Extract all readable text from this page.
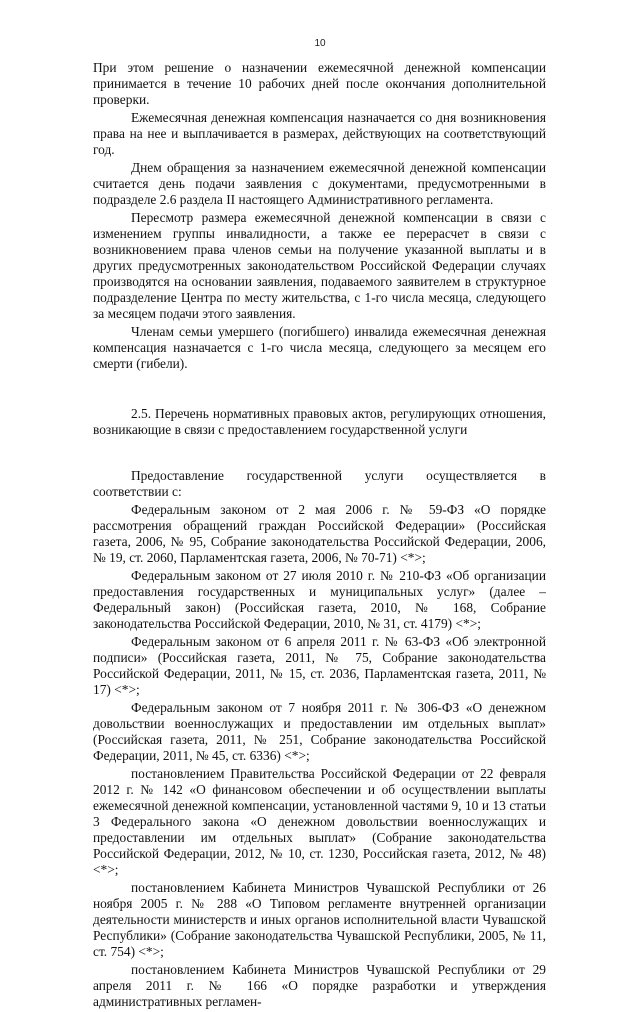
10

При этом решение о назначении ежемесячной денежной компенсации принимается в течение 10 рабочих дней после окончания дополнительной проверки.

Ежемесячная денежная компенсация назначается со дня возникновения права на нее и выплачивается в размерах, действующих на соответствующий год.

Днем обращения за назначением ежемесячной денежной компенсации считается день подачи заявления с документами, предусмотренными в подразделе 2.6 раздела II настоящего Административного регламента.

Пересмотр размера ежемесячной денежной компенсации в связи с изменением группы инвалидности, а также ее перерасчет в связи с возникновением права членов семьи на получение указанной выплаты и в других предусмотренных законодательством Российской Федерации случаях производятся на основании заявления, подаваемого заявителем в структурное подразделение Центра по месту жительства, с 1-го числа месяца, следующего за месяцем подачи этого заявления.

Членам семьи умершего (погибшего) инвалида ежемесячная денежная компенсация назначается с 1-го числа месяца, следующего за месяцем его смерти (гибели).

2.5. Перечень нормативных правовых актов, регулирующих отношения, возникающие в связи с предоставлением государственной услуги

Предоставление государственной услуги осуществляется в соответствии с:

Федеральным законом от 2 мая 2006 г. № 59-ФЗ «О порядке рассмотрения обращений граждан Российской Федерации» (Российская газета, 2006, № 95, Собрание законодательства Российской Федерации, 2006, № 19, ст. 2060, Парламентская газета, 2006, № 70-71) <*>;

Федеральным законом от 27 июля 2010 г. № 210-ФЗ «Об организации предоставления государственных и муниципальных услуг» (далее – Федеральный закон) (Российская газета, 2010, № 168, Собрание законодательства Российской Федерации, 2010, № 31, ст. 4179) <*>;

Федеральным законом от 6 апреля 2011 г. № 63-ФЗ «Об электронной подписи» (Российская газета, 2011, № 75, Собрание законодательства Российской Федерации, 2011, № 15, ст. 2036, Парламентская газета, 2011, № 17) <*>;

Федеральным законом от 7 ноября 2011 г. № 306-ФЗ «О денежном довольствии военнослужащих и предоставлении им отдельных выплат» (Российская газета, 2011, № 251, Собрание законодательства Российской Федерации, 2011, № 45, ст. 6336) <*>;

постановлением Правительства Российской Федерации от 22 февраля 2012 г. № 142 «О финансовом обеспечении и об осуществлении выплаты ежемесячной денежной компенсации, установленной частями 9, 10 и 13 статьи 3 Федерального закона «О денежном довольствии военнослужащих и предоставлении им отдельных выплат» (Собрание законодательства Российской Федерации, 2012, № 10, ст. 1230, Российская газета, 2012, № 48) <*>;

постановлением Кабинета Министров Чувашской Республики от 26 ноября 2005 г. № 288 «О Типовом регламенте внутренней организации деятельности министерств и иных органов исполнительной власти Чувашской Республики» (Собрание законодательства Чувашской Республики, 2005, № 11, ст. 754) <*>;

постановлением Кабинета Министров Чувашской Республики от 29 апреля 2011 г. № 166 «О порядке разработки и утверждения административных регламен-
